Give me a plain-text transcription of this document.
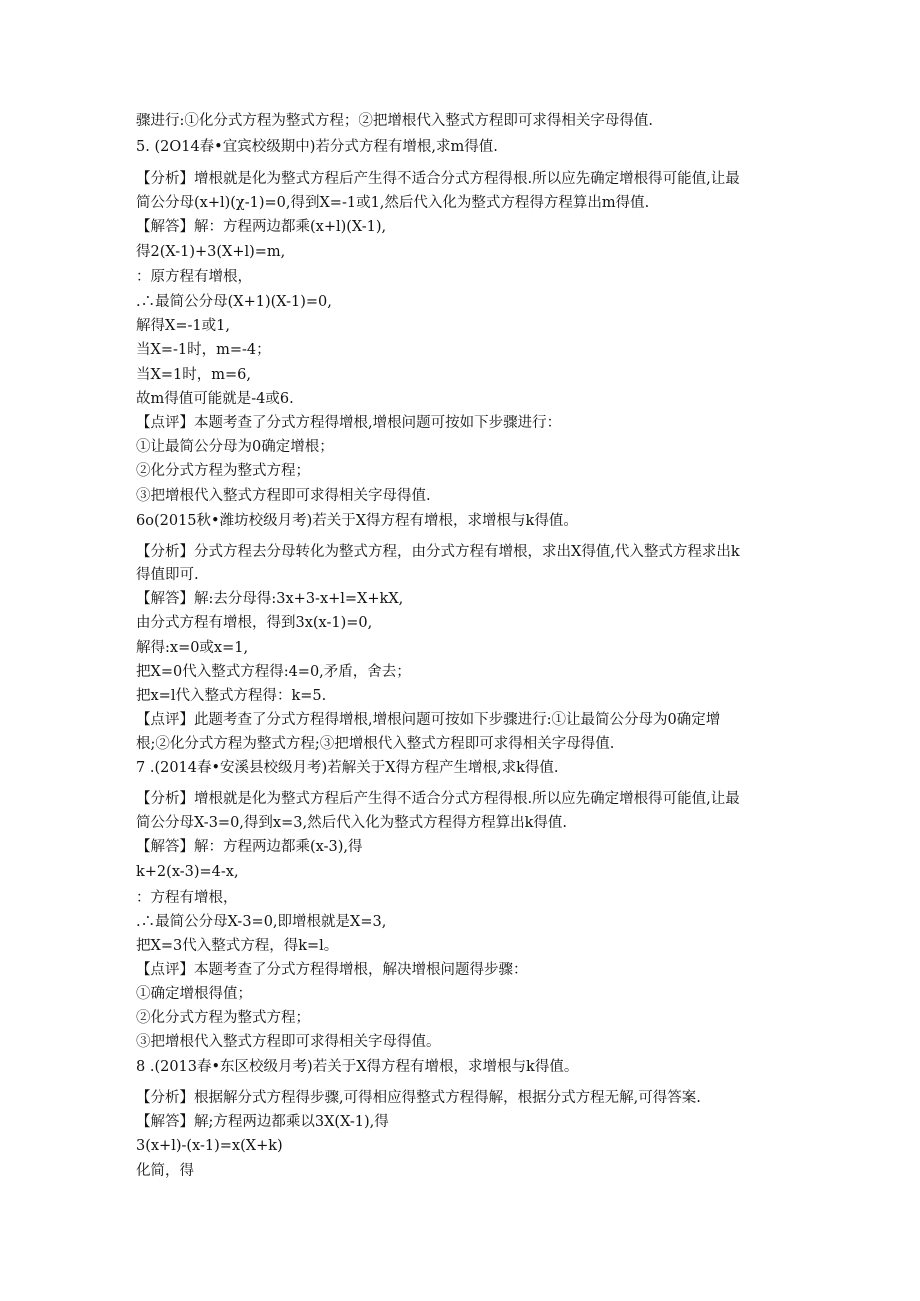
骤进行:①化分式方程为整式方程；②把增根代入整式方程即可求得相关字母得值.
5. (2O14春•宜宾校级期中)若分式方程有增根,求m得值.
【分析】增根就是化为整式方程后产生得不适合分式方程得根.所以应先确定增根得可能值,让最
简公分母(x+l)(χ-1)=0,得到X=-1或1,然后代入化为整式方程得方程算出m得值.
【解答】解：方程两边都乘(x+l)(X-1),
得2(X-1)+3(X+l)=m,
：原方程有增根，
.∴最简公分母(X+1)(X-1)=0,
解得X=-1或1,
当X=-1时，m=-4；
当X=1时，m=6,
故m得值可能就是-4或6.
【点评】本题考查了分式方程得增根,增根问题可按如下步骤进行：
①让最简公分母为0确定增根；
②化分式方程为整式方程；
③把增根代入整式方程即可求得相关字母得值.
6o(2015秋•潍坊校级月考)若关于X得方程有增根，求增根与k得值。
【分析】分式方程去分母转化为整式方程，由分式方程有增根，求出X得值,代入整式方程求出k
得值即可.
【解答】解:去分母得:3x+3-x+l=X+kX,
由分式方程有增根，得到3x(x-1)=0,
解得:x=0或x=1,
把X=0代入整式方程得:4=0,矛盾，舍去；
把x=l代入整式方程得：k=5.
【点评】此题考查了分式方程得增根,增根问题可按如下步骤进行:①让最简公分母为0确定增
根;②化分式方程为整式方程;③把增根代入整式方程即可求得相关字母得值.
7 .(2014春•安溪县校级月考)若解关于X得方程产生增根,求k得值.
【分析】增根就是化为整式方程后产生得不适合分式方程得根.所以应先确定增根得可能值,让最
简公分母X-3=0,得到x=3,然后代入化为整式方程得方程算出k得值.
【解答】解：方程两边都乘(x-3),得
k+2(x-3)=4-x,
：方程有增根，
.∴最简公分母X-3=0,即增根就是X=3,
把X=3代入整式方程，得k=l。
【点评】本题考查了分式方程得增根，解决增根问题得步骤：
①确定增根得值；
②化分式方程为整式方程；
③把增根代入整式方程即可求得相关字母得值。
8 .(2013春•东区校级月考)若关于X得方程有增根，求增根与k得值。
【分析】根据解分式方程得步骤,可得相应得整式方程得解，根据分式方程无解,可得答案.
【解答】解;方程两边都乘以3X(X-1),得
3(x+l)-(x-1)=x(X+k)
化简，得
